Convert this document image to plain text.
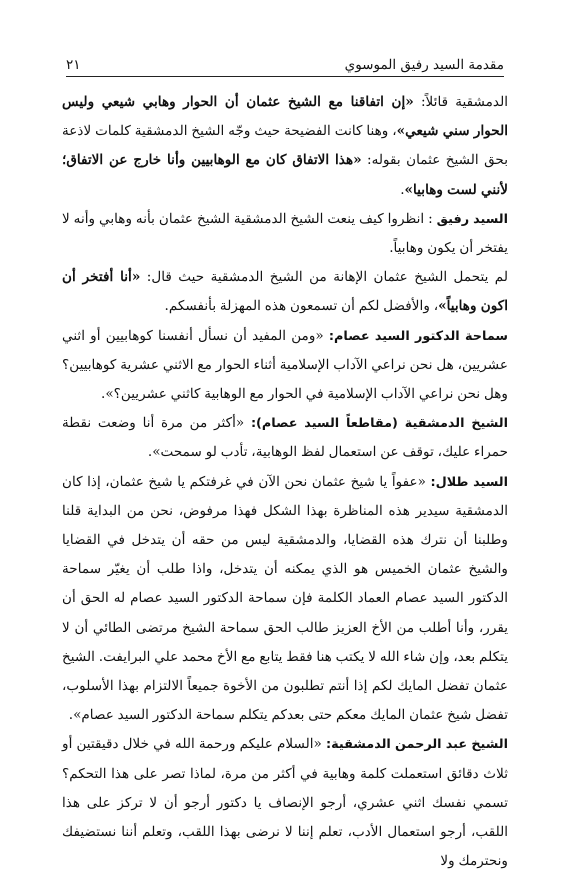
مقدمة السيد رفيق الموسوي
٢١

الدمشقية قائلاً: «إن اتفاقنا مع الشيخ عثمان أن الحوار وهابي شيعي وليس الحوار سني شيعي»، وهنا كانت الفضيحة حيث وجّه الشيخ الدمشقية كلمات لاذعة بحق الشيخ عثمان بقوله: «هذا الاتفاق كان مع الوهابيين وأنا خارج عن الاتفاق؛ لأنني لست وهابيا».

السيد رفيق : انظروا كيف ينعت الشيخ الدمشقية الشيخ عثمان بأنه وهابي وأنه لا يفتخر أن يكون وهابياً.

لم يتحمل الشيخ عثمان الإهانة من الشيخ الدمشقية حيث قال: «أنا أفتخر أن اكون وهابياً»، والأفضل لكم أن تسمعون هذه المهزلة بأنفسكم.

سماحة الدكتور السيد عصام: «ومن المفيد أن نسأل أنفسنا كوهابيين أو اثني عشريين، هل نحن نراعي الآداب الإسلامية أثناء الحوار مع الاثني عشرية كوهابيين؟ وهل نحن نراعي الآداب الإسلامية في الحوار مع الوهابية كاثني عشريين؟».

الشيخ الدمشقية (مقاطعاً السيد عصام): «أكثر من مرة أنا وضعت نقطة حمراء عليك، توقف عن استعمال لفظ الوهابية، تأدب لو سمحت».

السيد طلال: «عفواً يا شيخ عثمان نحن الآن في غرفتكم يا شيخ عثمان، إذا كان الدمشقية سيدير هذه المناظرة بهذا الشكل فهذا مرفوض، نحن من البداية قلنا وطلبنا أن نترك هذه القضايا، والدمشقية ليس من حقه أن يتدخل في القضايا والشيخ عثمان الخميس هو الذي يمكنه أن يتدخل، واذا طلب أن يغيّر سماحة الدكتور السيد عصام العماد الكلمة فإن سماحة الدكتور السيد عصام له الحق أن يقرر، وأنا أطلب من الأخ العزيز طالب الحق سماحة الشيخ مرتضى الطائي أن لا يتكلم بعد، وإن شاء الله لا يكتب هنا فقط يتابع مع الأخ محمد علي البرايفت. الشيخ عثمان تفضل المايك لكم إذا أنتم تطلبون من الأخوة جميعاً الالتزام بهذا الأسلوب، تفضل شيخ عثمان المايك معكم حتى بعدكم يتكلم سماحة الدكتور السيد عصام».

الشيخ عبد الرحمن الدمشقية: «السلام عليكم ورحمة الله في خلال دقيقتين أو ثلاث دقائق استعملت كلمة وهابية في أكثر من مرة، لماذا تصر على هذا التحكم؟ تسمي نفسك اثني عشري، أرجو الإنصاف يا دكتور أرجو أن لا تركز على هذا اللقب، أرجو استعمال الأدب، تعلم إننا لا نرضى بهذا اللقب، وتعلم أننا نستضيفك ونحترمك ولا
